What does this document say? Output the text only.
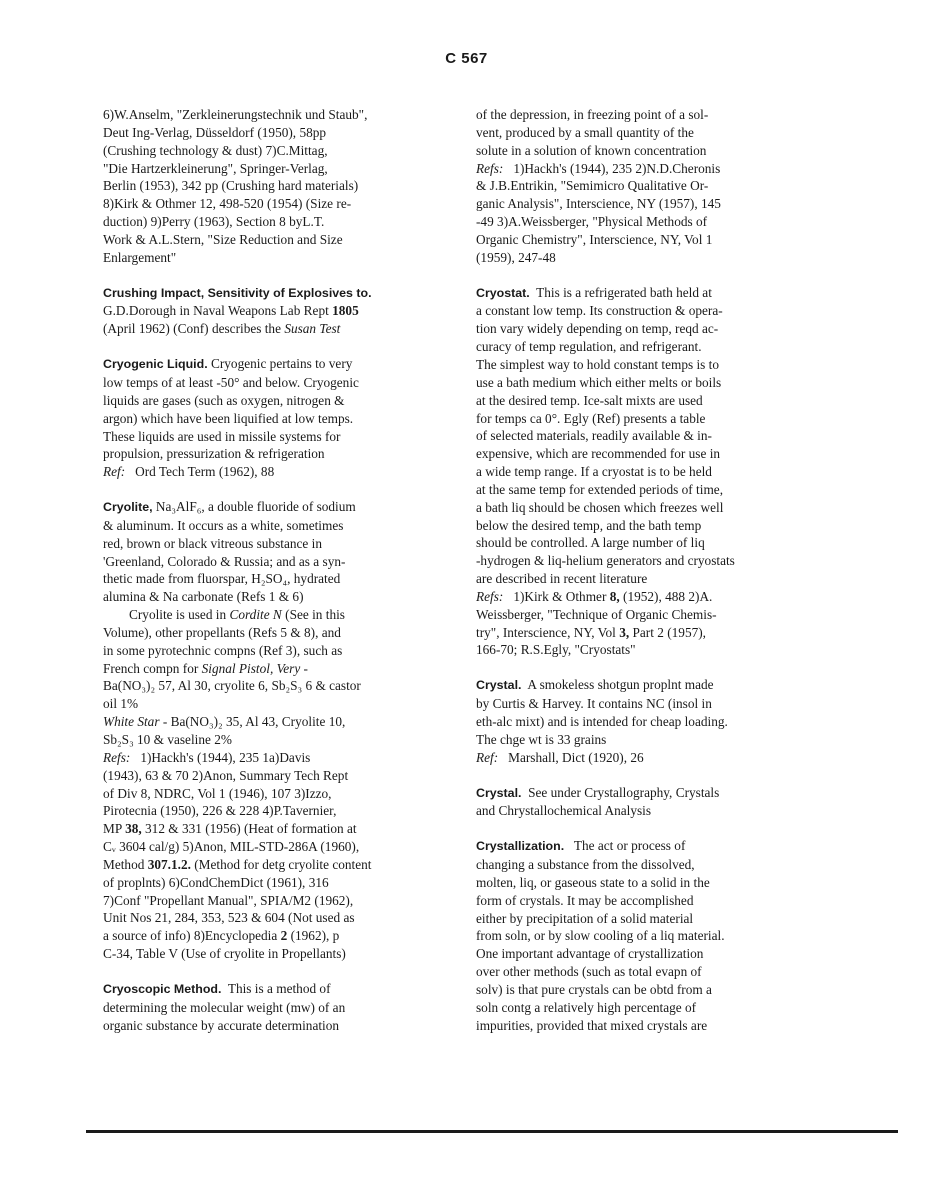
C 567
6)W.Anselm, "Zerkleinerungstechnik und Staub",
Deut Ing-Verlag, Düsseldorf (1950), 58pp
(Crushing technology & dust) 7)C.Mittag,
"Die Hartzerkleinerung", Springer-Verlag,
Berlin (1953), 342 pp (Crushing hard materials)
8)Kirk & Othmer 12, 498-520 (1954) (Size re-
duction) 9)Perry (1963), Section 8 byL.T.
Work & A.L.Stern, "Size Reduction and Size
Enlargement"
Crushing Impact, Sensitivity of Explosives to.
G.D.Dorough in Naval Weapons Lab Rept 1805
(April 1962) (Conf) describes the Susan Test
Cryogenic Liquid. Cryogenic pertains to very
low temps of at least -50° and below. Cryogenic
liquids are gases (such as oxygen, nitrogen &
argon) which have been liquified at low temps.
These liquids are used in missile systems for
propulsion, pressurization & refrigeration
Ref: Ord Tech Term (1962), 88
Cryolite, Na₃AlF₆, a double fluoride of sodium
& aluminum. It occurs as a white, sometimes
red, brown or black vitreous substance in
'Greenland, Colorado & Russia; and as a syn-
thetic made from fluorspar, H₂SO₄, hydrated
alumina & Na carbonate (Refs 1 & 6)
Cryolite is used in Cordite N (See in this
Volume), other propellants (Refs 5 & 8), and
in some pyrotechnic compns (Ref 3), such as
French compn for Signal Pistol, Very -
Ba(NO₃)₂ 57, Al 30, cryolite 6, Sb₂S₃ 6 & castor
oil 1%
White Star - Ba(NO₃)₂ 35, Al 43, Cryolite 10,
Sb₂S₃ 10 & vaseline 2%
Refs: 1)Hackh's (1944), 235 1a)Davis
(1943), 63 & 70 2)Anon, Summary Tech Rept
of Div 8, NDRC, Vol 1 (1946), 107 3)Izzo,
Pirotecnia (1950), 226 & 228 4)P.Tavernier,
MP 38, 312 & 331 (1956) (Heat of formation at
Cᵥ 3604 cal/g) 5)Anon, MIL-STD-286A (1960),
Method 307.1.2. (Method for detg cryolite content
of proplnts) 6)CondChemDict (1961), 316
7)Conf "Propellant Manual", SPIA/M2 (1962),
Unit Nos 21, 284, 353, 523 & 604 (Not used as
a source of info) 8)Encyclopedia 2 (1962), p
C-34, Table V (Use of cryolite in Propellants)
Cryoscopic Method. This is a method of
determining the molecular weight (mw) of an
organic substance by accurate determination
of the depression, in freezing point of a sol-
vent, produced by a small quantity of the
solute in a solution of known concentration
Refs: 1)Hackh's (1944), 235 2)N.D.Cheronis
& J.B.Entrikin, "Semimicro Qualitative Or-
ganic Analysis", Interscience, NY (1957), 145
-49 3)A.Weissberger, "Physical Methods of
Organic Chemistry", Interscience, NY, Vol 1
(1959), 247-48
Cryostat. This is a refrigerated bath held at
a constant low temp. Its construction & opera-
tion vary widely depending on temp, reqd ac-
curacy of temp regulation, and refrigerant.
The simplest way to hold constant temps is to
use a bath medium which either melts or boils
at the desired temp. Ice-salt mixts are used
for temps ca 0°. Egly (Ref) presents a table
of selected materials, readily available & in-
expensive, which are recommended for use in
a wide temp range. If a cryostat is to be held
at the same temp for extended periods of time,
a bath liq should be chosen which freezes well
below the desired temp, and the bath temp
should be controlled. A large number of liq
-hydrogen & liq-helium generators and cryostats
are described in recent literature
Refs: 1)Kirk & Othmer 8, (1952), 488 2)A.
Weissberger, "Technique of Organic Chemis-
try", Interscience, NY, Vol 3, Part 2 (1957),
166-70; R.S.Egly, "Cryostats"
Crystal. A smokeless shotgun proplnt made
by Curtis & Harvey. It contains NC (insol in
eth-alc mixt) and is intended for cheap loading.
The chge wt is 33 grains
Ref: Marshall, Dict (1920), 26
Crystal. See under Crystallography, Crystals
and Chrystallochemical Analysis
Crystallization. The act or process of
changing a substance from the dissolved,
molten, liq, or gaseous state to a solid in the
form of crystals. It may be accomplished
either by precipitation of a solid material
from soln, or by slow cooling of a liq material.
One important advantage of crystallization
over other methods (such as total evapn of
solv) is that pure crystals can be obtd from a
soln contg a relatively high percentage of
impurities, provided that mixed crystals are
